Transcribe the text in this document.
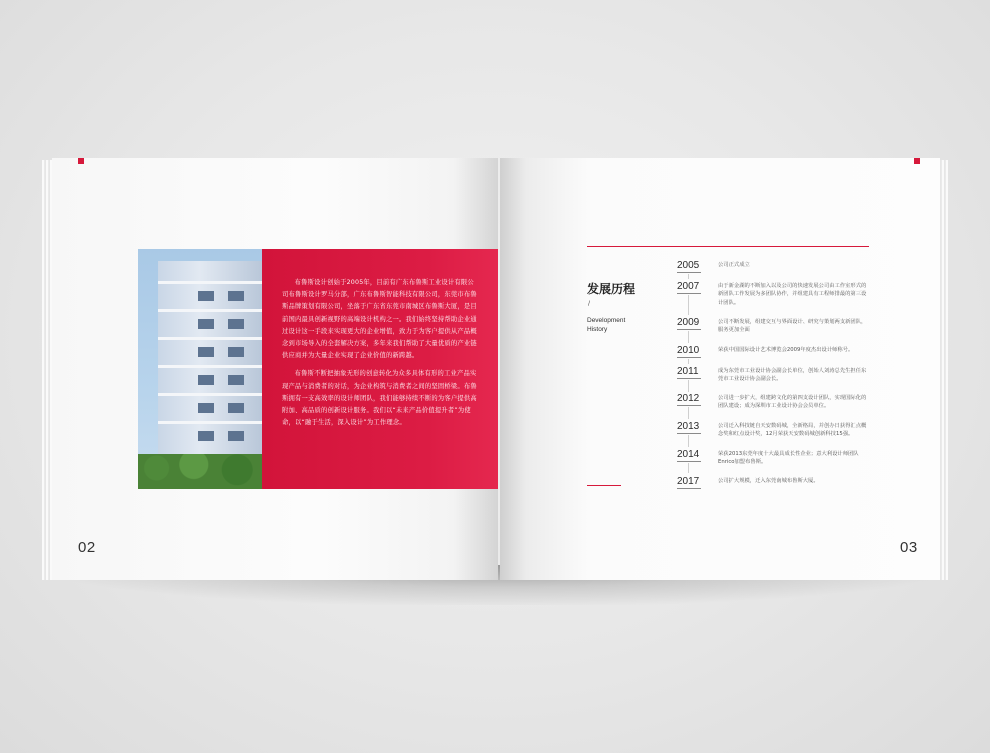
布鲁斯设计创始于2005年，目前有广东布鲁斯工业设计有限公司布鲁斯设计罗马分部，广东布鲁斯智能科技有限公司，东莞市布鲁斯品牌策划有限公司，坐落于广东省东莞市南城区布鲁斯大厦，是目前国内最具创新视野的高端设计机构之一。我们始终坚持帮助企业通过设计这一手段来实现更大的企业增值，致力于为客户提供从产品概念到市场导入的全套解决方案，多年来我们帮助了大量优质的产业链供应商并为大量企业实现了企业价值的新跨越。

布鲁斯不断把抽象无形的创意转化为众多具体有形的工业产品实现产品与消费者的对话，为企业构筑与消费者之间的坚固桥梁。布鲁斯拥有一支高效率的设计师团队，我们能够持续不断的为客户提供高附加、高品质的创新设计服务。我们以“未来产品价值提升者”为使命，以“融于生活，深入设计”为工作理念。

02
发展历程
/
Development
History
2005	公司正式成立
2007	由于新金湖的不断加入以及公司的快速发展公司由工作室形式的新团队工作发展为多团队协作，并组建具有工程师排最的第三设计团队。
2009	公司不断发展，组建交互与界面设计、研究与策划两支新团队，服务更加全面
2010	荣获中国国际设计艺术博览会2009年度杰出设计师称号。
2011	成为东莞市工业设计协会副会长单位，创始人刘涛总先生担任东莞市工业设计协会副会长。
2012	公司进一步扩大，组建跨文化的第四支设计团队，实现国际化的团队建设；成为深圳市工业设计协会会员单位。
2013	公司迁入科技链自天安数码城，全新格局，并创办日获得汇点概念奖和红点设计奖，12月荣获天安数码城创新科技15强。
2014	荣获2013东莞年度十大最具成长性企业；意大利设计师团队Enrico加盟布鲁斯。
2017	公司扩大规模，迁入东莞南城布鲁斯大厦。
03
